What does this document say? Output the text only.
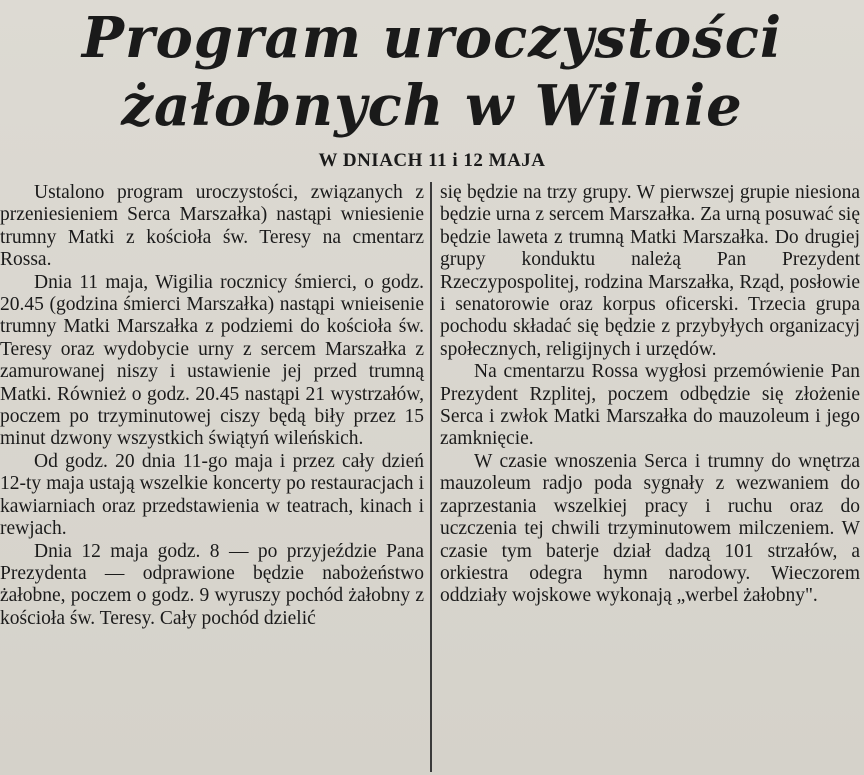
Program uroczystości
żałobnych w Wilnie
W DNIACH 11 i 12 MAJA

Ustalono program uroczystości, związanych z przeniesieniem Serca Marszałka) nastąpi wniesienie trumny Matki z kościoła św. Teresy na cmentarz Rossa.

Dnia 11 maja, Wigilia rocznicy śmierci, o godz. 20.45 (godzina śmierci Marszałka) nastąpi wnieisenie trumny Matki Marszałka z podziemi do kościoła św. Teresy oraz wydobycie urny z sercem Marszałka z zamurowanej niszy i ustawienie jej przed trumną Matki. Również o godz. 20.45 nastąpi 21 wystrzałów, poczem po trzyminutowej ciszy będą biły przez 15 minut dzwony wszystkich świątyń wileńskich.

Od godz. 20 dnia 11-go maja i przez cały dzień 12-ty maja ustają wszelkie koncerty po restauracjach i kawiarniach oraz przedstawienia w teatrach, kinach i rewjach.

Dnia 12 maja godz. 8 — po przyjeździe Pana Prezydenta — odprawione będzie nabożeństwo żałobne, poczem o godz. 9 wyruszy pochód żałobny z kościoła św. Teresy. Cały pochód dzielić

się będzie na trzy grupy. W pierwszej grupie niesiona będzie urna z sercem Marszałka. Za urną posuwać się będzie laweta z trumną Matki Marszałka. Do drugiej grupy konduktu należą Pan Prezydent Rzeczypospolitej, rodzina Marszałka, Rząd, posłowie i senatorowie oraz korpus oficerski. Trzecia grupa pochodu składać się będzie z przybyłych organizacyj społecznych, religijnych i urzędów.

Na cmentarzu Rossa wygłosi przemówienie Pan Prezydent Rzplitej, poczem odbędzie się złożenie Serca i zwłok Matki Marszałka do mauzoleum i jego zamknięcie.

W czasie wnoszenia Serca i trumny do wnętrza mauzoleum radjo poda sygnały z wezwaniem do zaprzestania wszelkiej pracy i ruchu oraz do uczczenia tej chwili trzyminutowem milczeniem. W czasie tym baterje dział dadzą 101 strzałów, a orkiestra odegra hymn narodowy. Wieczorem oddziały wojskowe wykonają „werbel żałobny".
